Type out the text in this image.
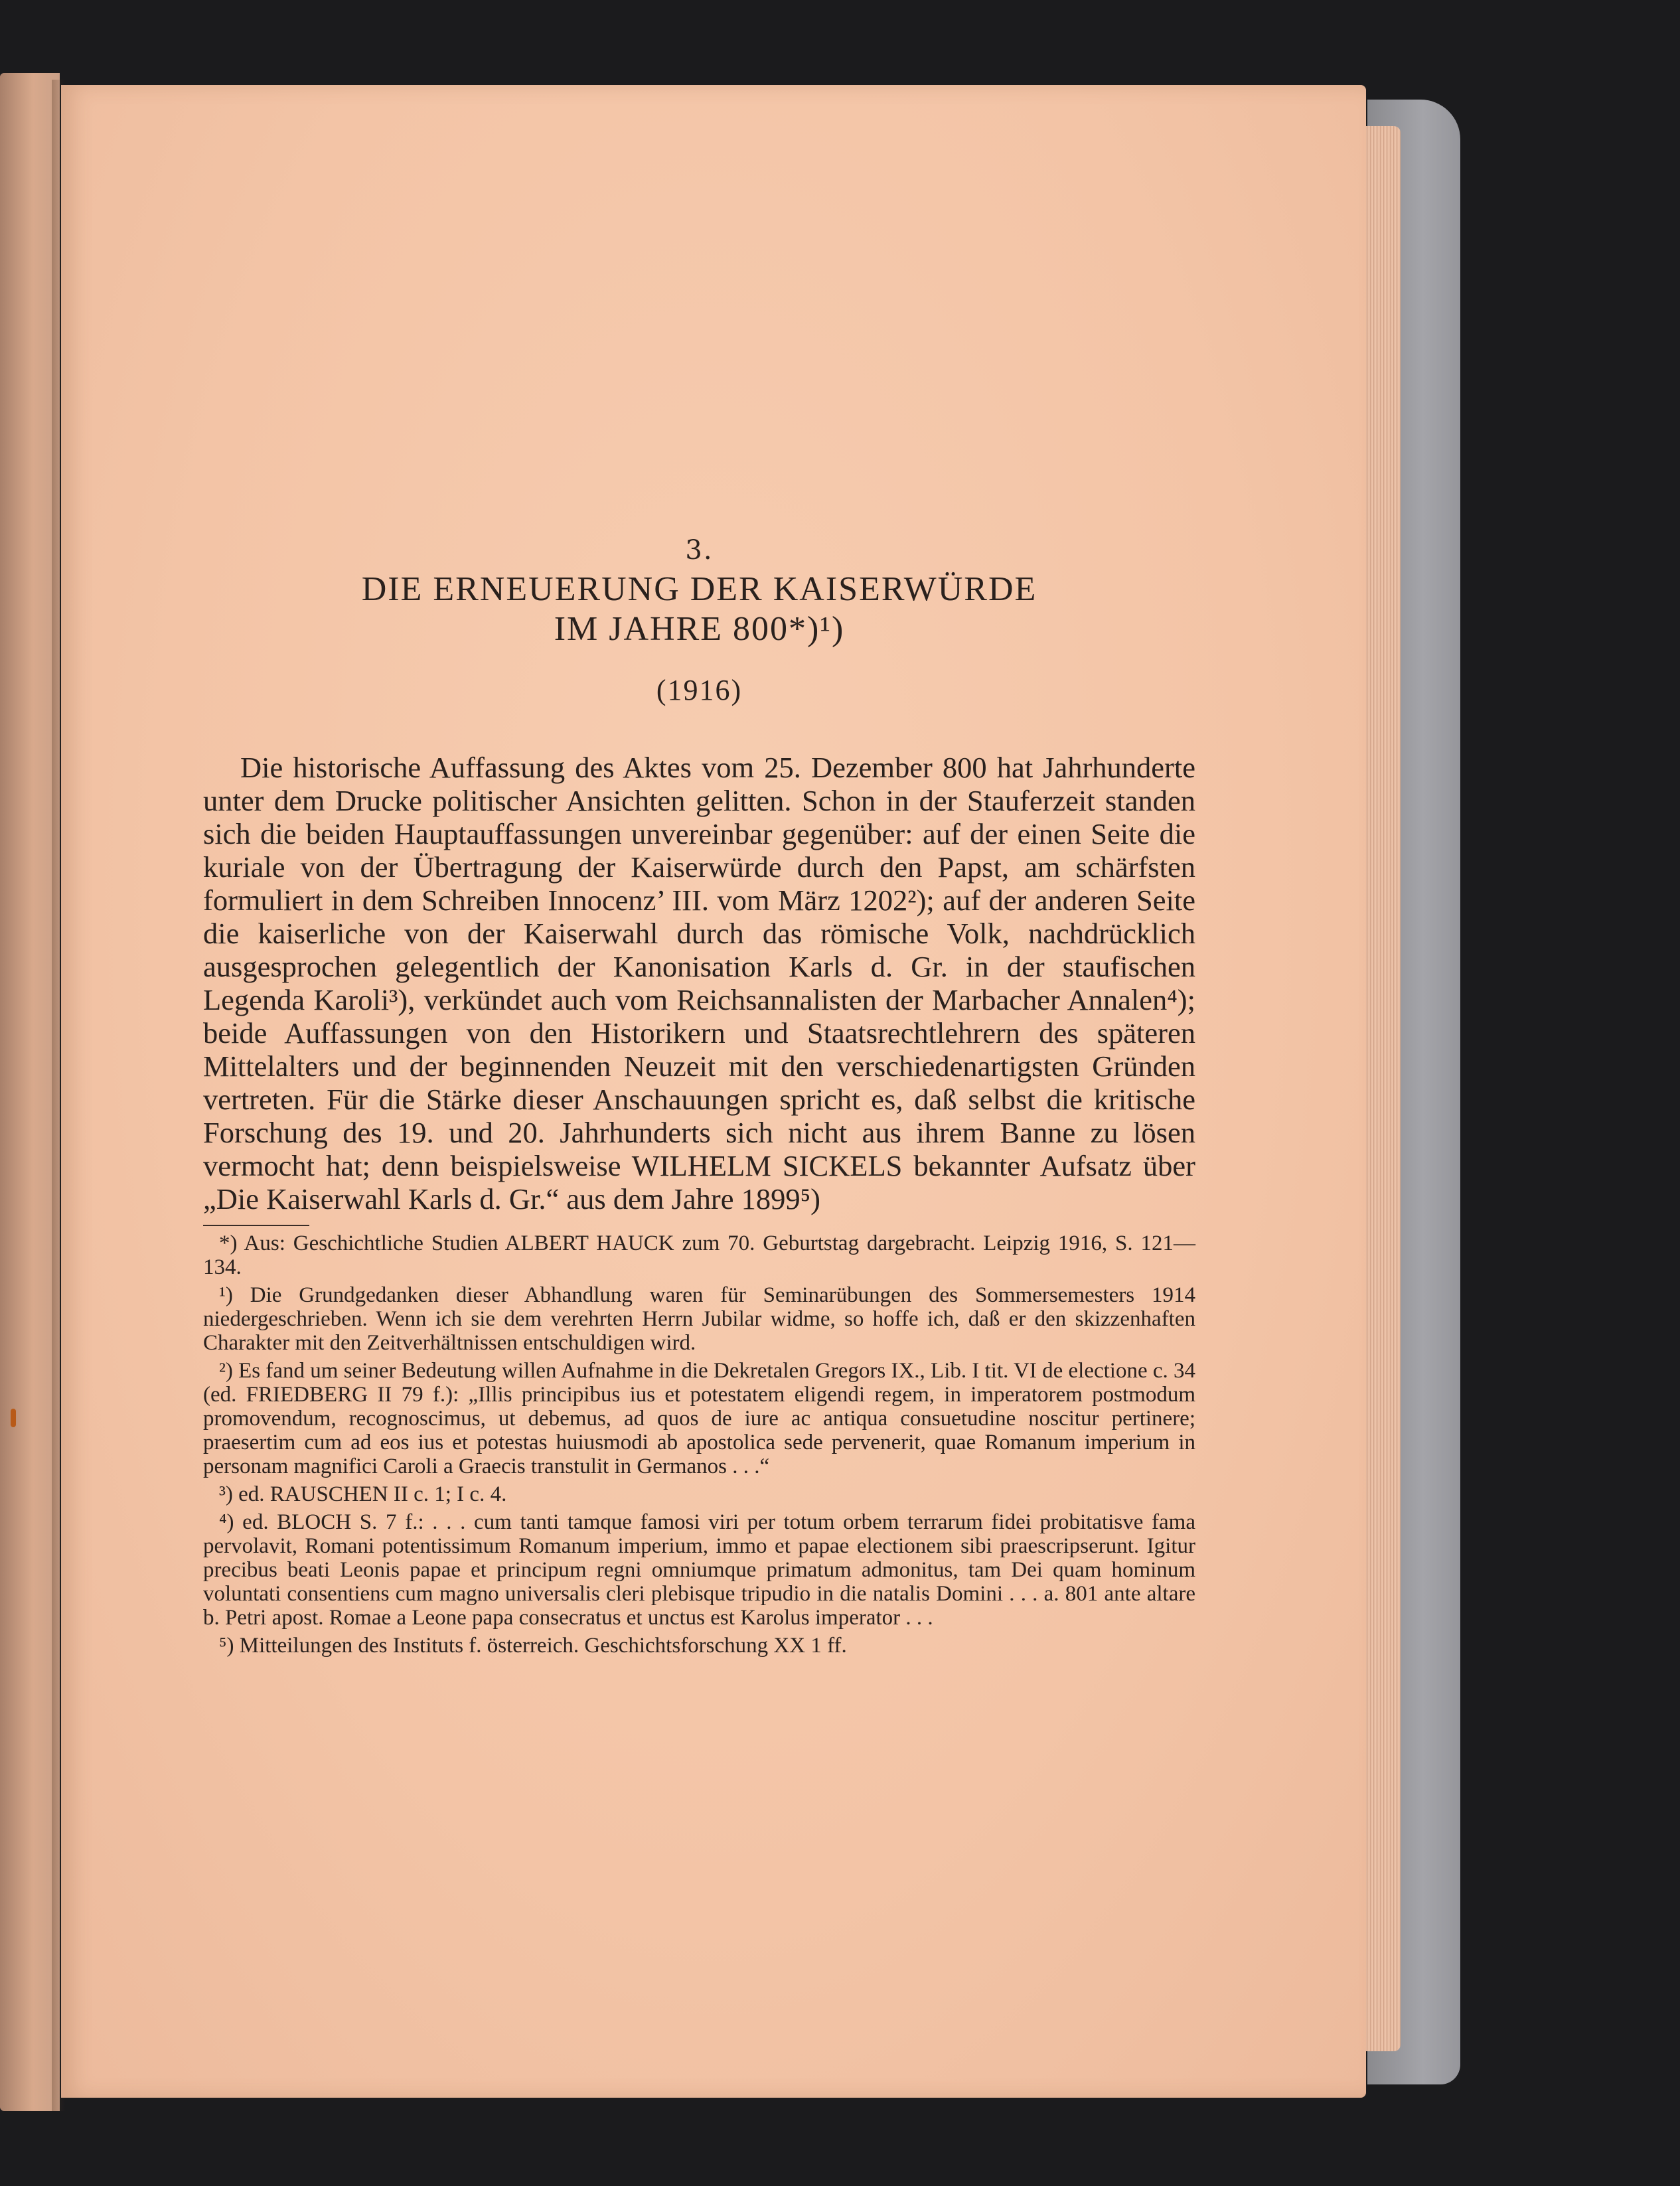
3.
DIE ERNEUERUNG DER KAISERWÜRDE
IM JAHRE 800*)¹)
(1916)

Die historische Auffassung des Aktes vom 25. Dezember 800 hat Jahrhunderte unter dem Drucke politischer Ansichten gelitten. Schon in der Stauferzeit standen sich die beiden Hauptauffassungen unvereinbar gegenüber: auf der einen Seite die kuriale von der Übertragung der Kaiserwürde durch den Papst, am schärfsten formuliert in dem Schreiben Innocenz’ III. vom März 1202²); auf der anderen Seite die kaiserliche von der Kaiserwahl durch das römische Volk, nachdrücklich ausgesprochen gelegentlich der Kanonisation Karls d. Gr. in der staufischen Legenda Karoli³), verkündet auch vom Reichsannalisten der Marbacher Annalen⁴); beide Auffassungen von den Historikern und Staatsrechtlehrern des späteren Mittelalters und der beginnenden Neuzeit mit den verschiedenartigsten Gründen vertreten. Für die Stärke dieser Anschauungen spricht es, daß selbst die kritische Forschung des 19. und 20. Jahrhunderts sich nicht aus ihrem Banne zu lösen vermocht hat; denn beispielsweise WILHELM SICKELS bekannter Aufsatz über „Die Kaiserwahl Karls d. Gr.“ aus dem Jahre 1899⁵)

*) Aus: Geschichtliche Studien ALBERT HAUCK zum 70. Geburtstag dargebracht. Leipzig 1916, S. 121—134.

¹) Die Grundgedanken dieser Abhandlung waren für Seminarübungen des Sommersemesters 1914 niedergeschrieben. Wenn ich sie dem verehrten Herrn Jubilar widme, so hoffe ich, daß er den skizzenhaften Charakter mit den Zeitverhältnissen entschuldigen wird.

²) Es fand um seiner Bedeutung willen Aufnahme in die Dekretalen Gregors IX., Lib. I tit. VI de electione c. 34 (ed. FRIEDBERG II 79 f.): „Illis principibus ius et potestatem eligendi regem, in imperatorem postmodum promovendum, recognoscimus, ut debemus, ad quos de iure ac antiqua consuetudine noscitur pertinere; praesertim cum ad eos ius et potestas huiusmodi ab apostolica sede pervenerit, quae Romanum imperium in personam magnifici Caroli a Graecis transtulit in Germanos . . .“

³) ed. RAUSCHEN II c. 1; I c. 4.

⁴) ed. BLOCH S. 7 f.: . . . cum tanti tamque famosi viri per totum orbem terrarum fidei probitatisve fama pervolavit, Romani potentissimum Romanum imperium, immo et papae electionem sibi praescripserunt. Igitur precibus beati Leonis papae et principum regni omniumque primatum admonitus, tam Dei quam hominum voluntati consentiens cum magno universalis cleri plebisque tripudio in die natalis Domini . . . a. 801 ante altare b. Petri apost. Romae a Leone papa consecratus et unctus est Karolus imperator . . .

⁵) Mitteilungen des Instituts f. österreich. Geschichtsforschung XX 1 ff.
